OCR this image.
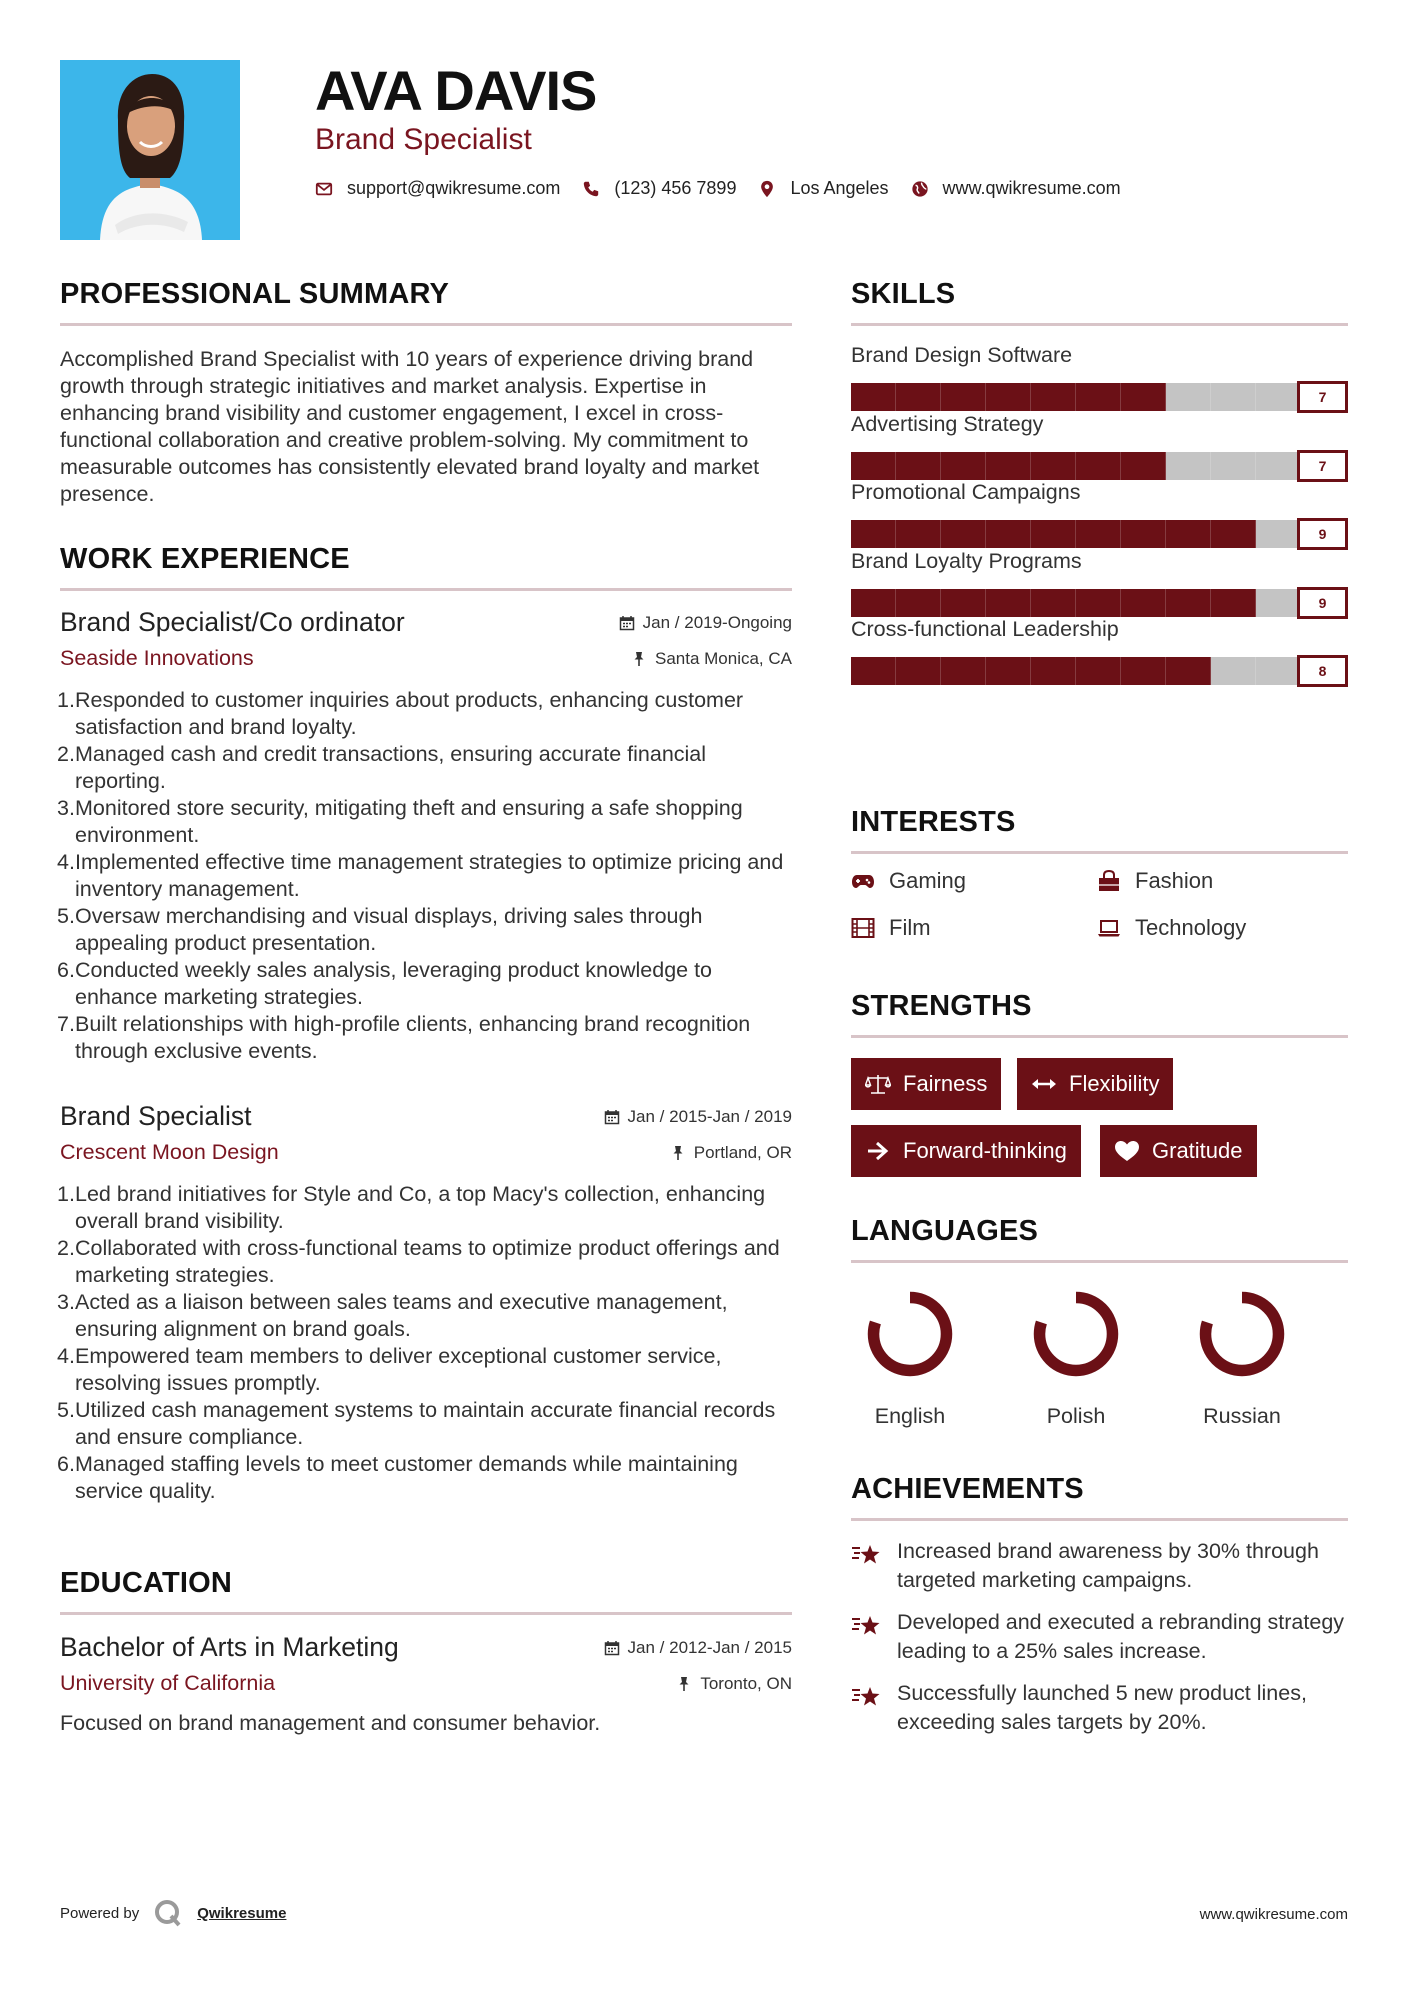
AVA DAVIS
Brand Specialist
support@qwikresume.com	(123) 456 7899	Los Angeles	www.qwikresume.com
PROFESSIONAL SUMMARY
Accomplished Brand Specialist with 10 years of experience driving brand growth through strategic initiatives and market analysis. Expertise in enhancing brand visibility and customer engagement, I excel in cross-functional collaboration and creative problem-solving. My commitment to measurable outcomes has consistently elevated brand loyalty and market presence.
WORK EXPERIENCE
Brand Specialist/Co ordinator
Seaside Innovations
Jan / 2019-Ongoing
Santa Monica, CA
1. Responded to customer inquiries about products, enhancing customer satisfaction and brand loyalty.
2. Managed cash and credit transactions, ensuring accurate financial reporting.
3. Monitored store security, mitigating theft and ensuring a safe shopping environment.
4. Implemented effective time management strategies to optimize pricing and inventory management.
5. Oversaw merchandising and visual displays, driving sales through appealing product presentation.
6. Conducted weekly sales analysis, leveraging product knowledge to enhance marketing strategies.
7. Built relationships with high-profile clients, enhancing brand recognition through exclusive events.
Brand Specialist
Crescent Moon Design
Jan / 2015-Jan / 2019
Portland, OR
1. Led brand initiatives for Style and Co, a top Macy's collection, enhancing overall brand visibility.
2. Collaborated with cross-functional teams to optimize product offerings and marketing strategies.
3. Acted as a liaison between sales teams and executive management, ensuring alignment on brand goals.
4. Empowered team members to deliver exceptional customer service, resolving issues promptly.
5. Utilized cash management systems to maintain accurate financial records and ensure compliance.
6. Managed staffing levels to meet customer demands while maintaining service quality.
EDUCATION
Bachelor of Arts in Marketing
University of California
Jan / 2012-Jan / 2015
Toronto, ON
Focused on brand management and consumer behavior.
SKILLS
Brand Design Software
7
Advertising Strategy
7
Promotional Campaigns
9
Brand Loyalty Programs
9
Cross-functional Leadership
8
INTERESTS
Gaming	Fashion
Film	Technology
STRENGTHS
Fairness	Flexibility
Forward-thinking	Gratitude
LANGUAGES
English	Polish	Russian
ACHIEVEMENTS
Increased brand awareness by 30% through targeted marketing campaigns.
Developed and executed a rebranding strategy leading to a 25% sales increase.
Successfully launched 5 new product lines, exceeding sales targets by 20%.
Powered by	Qwikresume	www.qwikresume.com
